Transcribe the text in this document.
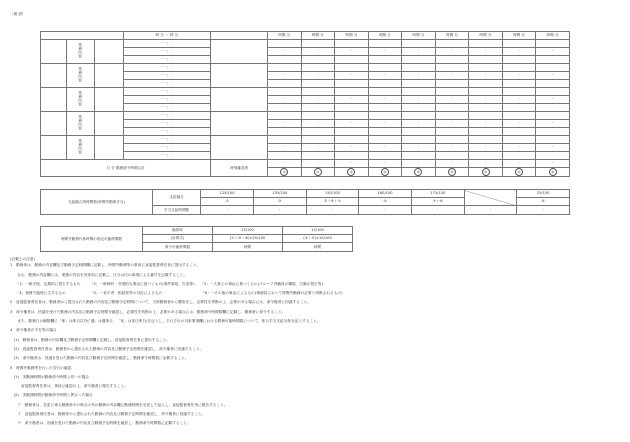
（裏 面）
			時 分 〜 時 分		時間 分	時間 分	時間 分	時間 分	時間 分	時間 分	時間 分	時間 分	時間 分
	業務内容		・ 〜 ・										
			・ 〜 ・		・	・	・	・	・	・	・	・	・
			・ 〜 ・										
	業務内容		・ 〜 ・										
			・ 〜 ・		・	・	・	・	・	・	・	・	・
			・ 〜 ・										
	業務内容		・ 〜 ・										
			・ 〜 ・		・	・	・	・	・	・	・	・	・
			・ 〜 ・										
	業務内容		・ 〜 ・										
			・ 〜 ・		・	・	・	・	・	・	・	・	・
			・ 〜 ・										
	業務内容		・ 〜 ・										
			・ 〜 ・		・	・	・	・	・	・	・	・	・
			・ 〜 ・										
月 分 勤務命令時間合計				時刻確認者	・	・	・	・	・	・	・	・	・
					①	②	③	④	⑤	⑥	⑦	⑧	⑨
支給割合別時間数(時間外勤務手当)	支給割合	125/100	135/100	150/100	160/100	175/100		25/100
		①	③	②＋⑥＋⑦	④	⑦＋⑧		⑤
	手当支給時間数	・	・	・	・	・	・	・
時間外勤務代休時間の指定可能時間数	換算率	25/100	15/100
	(計算式)	(①＋③＋⑧)×25/100	(③＋⑤)×15/100
	命令可能時間数	時間	時間
(記載上の注意)
1　勤務者は、勤務の内容欄及び勤務予定時間欄に記載し、時間外勤務等の事前に直接監督責任者に提出すること。
　　なお、勤務の内容欄には、業務の内容を具体的に記載し、区分は次の事項による番号を記載すること。
　　「1」一般手続、定期的に発生するもの　　　「2」一般時的・突発的な事由に基づくもの(事件事故、災害等)　　「3」一人事上の事由に基づくもの(グループ内職員の離脱、欠勤の発生等)
　　「4」業務で臨時に生ずるもの　　　　　　　「5」一来庁者・相談者等の対応によるもの　　　　　　　　　　　「6」一その他の事由によるもの(事務局において時間外勤務の必要と判断されるもの)
2　直接監督責任者は、勤務者から提出された勤務の内容及び勤務予定時間について、当該勤務者から聴取をし、必要性を判断の上、必要がある場合には、命令権者に回議すること。
3　命令権者は、回議を受けた勤務の内容及び勤務予定時間を確認し、必要性を判断の上、必要がある場合には、勤務命令時間数欄に記載し、勤務者に命令すること。
　　また、勤務日の種類欄に「休」は休日以外(「週」は週休日、「祝」は祝日休日)を記入し、それぞれの対象事項欄における勤務可能時間数について、休日手当支給対象を記入すること。
4　命令権者が不在等の場合
　(1)　勤務者は、勤務の内容欄及び勤務予定時間欄に記載し、直接監督責任者に提出すること。
　(2)　直接監督責任者は、勤務者から提出された勤務の内容及び勤務予定時間を確認し、命令権者に回議すること。
　(3)　命令権者は、回議を受けた勤務の内容及び勤務予定時間を確認し、勤務命令時間数に記載すること。
5　時間外勤務等を行った翌日の確認
　(1)　実勤務時間が勤務命令時間と同一の場合
　　　直接監督責任者は、事前に確認の上、命令権者に報告すること。
　(2)　実勤務時間が勤務命令時間と異なった場合
　　ア　勤務者は、変更に係る勤務命令の時点の実の勤務の内容欄に勤務時間を変更して起入し、直接監督責任者に報告すること。
　　イ　直接監督責任者は、勤務者から提出された勤務の内容及び勤務予定時間を確認し、命令権者に回議すること。
　　ウ　命令権者は、回議を受けた勤務の内容及び勤務予定時間を確認し、勤務命令時間数に記載すること。
